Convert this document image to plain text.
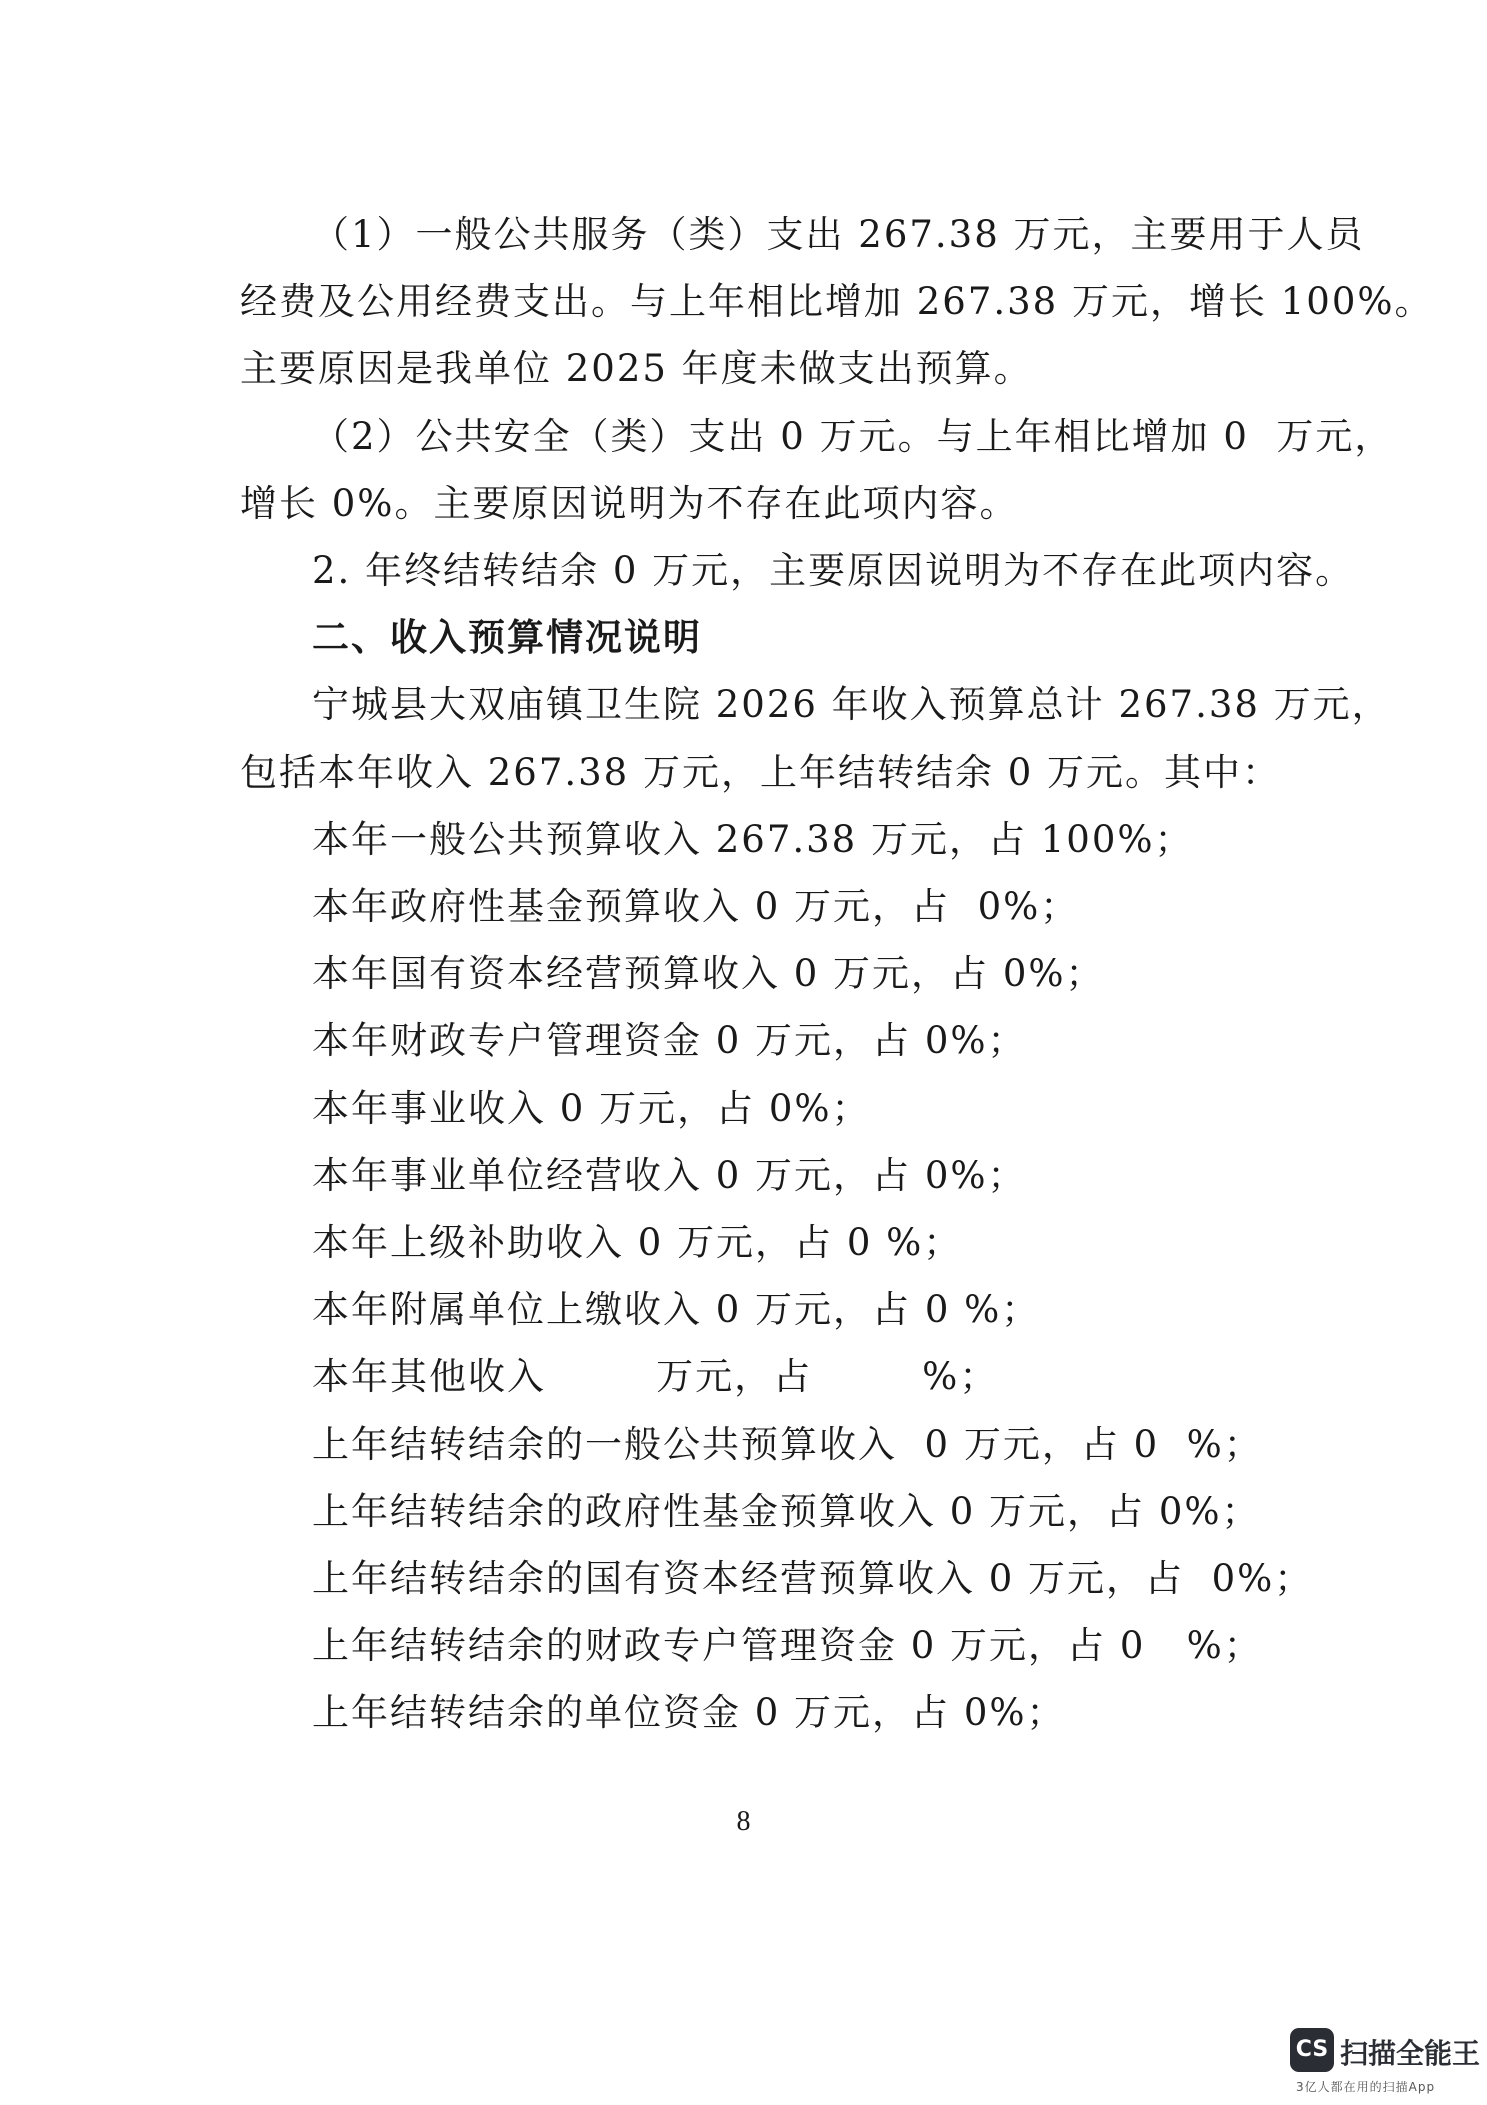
（1）一般公共服务（类）支出 267.38 万元，主要用于人员
经费及公用经费支出。与上年相比增加 267.38 万元，增长 100%。
主要原因是我单位 2025 年度未做支出预算。
（2）公共安全（类）支出 0 万元。与上年相比增加 0  万元，
增长 0%。主要原因说明为不存在此项内容。
2. 年终结转结余 0 万元，主要原因说明为不存在此项内容。
二、收入预算情况说明
宁城县大双庙镇卫生院 2026 年收入预算总计 267.38 万元，
包括本年收入 267.38 万元，上年结转结余 0 万元。其中：
本年一般公共预算收入 267.38 万元，占 100%；
本年政府性基金预算收入 0 万元，占  0%；
本年国有资本经营预算收入 0 万元，占 0%；
本年财政专户管理资金 0 万元，占 0%；
本年事业收入 0 万元，占 0%；
本年事业单位经营收入 0 万元，占 0%；
本年上级补助收入 0 万元，占 0 %；
本年附属单位上缴收入 0 万元，占 0 %；
本年其他收入        万元，占        %；
上年结转结余的一般公共预算收入  0 万元，占 0  %；
上年结转结余的政府性基金预算收入 0 万元，占 0%；
上年结转结余的国有资本经营预算收入 0 万元，占  0%；
上年结转结余的财政专户管理资金 0 万元，占 0   %；
上年结转结余的单位资金 0 万元，占 0%；
8
CS 扫描全能王
3亿人都在用的扫描App
